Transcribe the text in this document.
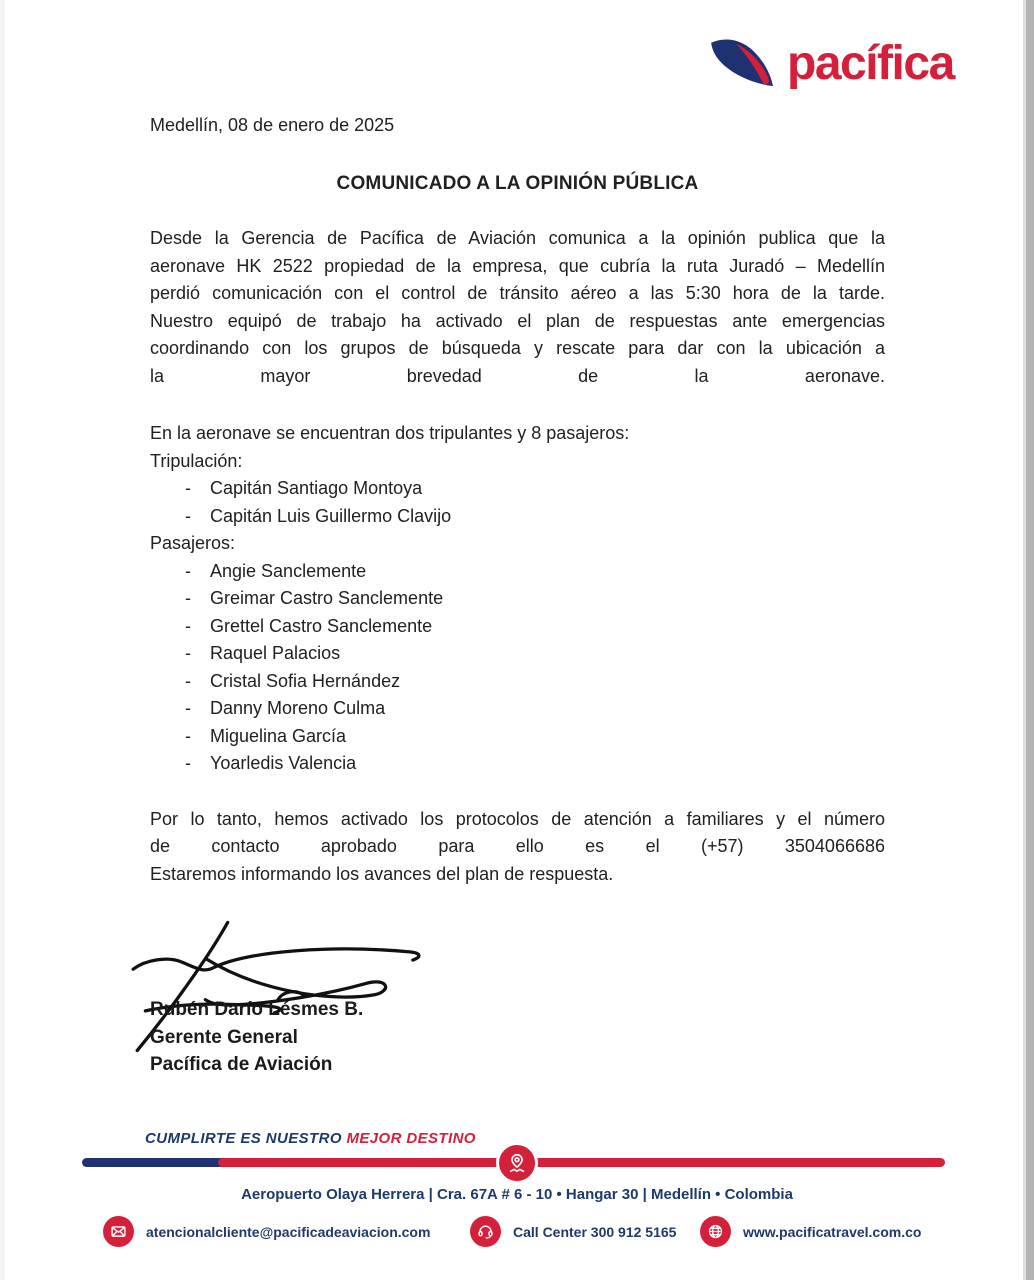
pacífica
Medellín, 08 de enero de 2025
COMUNICADO A LA OPINIÓN PÚBLICA
Desde la Gerencia de Pacífica de Aviación comunica a la opinión publica que la
aeronave HK 2522 propiedad de la empresa, que cubría la ruta Juradó – Medellín
perdió comunicación con el control de tránsito aéreo a las 5:30 hora de la tarde.
Nuestro equipó de trabajo ha activado el plan de respuestas ante emergencias
coordinando con los grupos de búsqueda y rescate para dar con la ubicación a
la mayor brevedad de la aeronave.
En la aeronave se encuentran dos tripulantes y 8 pasajeros:
Tripulación:
-	Capitán Santiago Montoya
-	Capitán Luis Guillermo Clavijo
Pasajeros:
-	Angie Sanclemente
-	Greimar Castro Sanclemente
-	Grettel Castro Sanclemente
-	Raquel Palacios
-	Cristal Sofia Hernández
-	Danny Moreno Culma
-	Miguelina García
-	Yoarledis Valencia
Por lo tanto, hemos activado los protocolos de atención a familiares y el número
de contacto aprobado para ello es el (+57) 3504066686
Estaremos informando los avances del plan de respuesta.
Rubén Darío Lésmes B.
Gerente General
Pacífica de Aviación
CUMPLIRTE ES NUESTRO MEJOR DESTINO
Aeropuerto Olaya Herrera | Cra. 67A # 6 - 10 • Hangar 30 | Medellín • Colombia
atencionalcliente@pacificadeaviacion.com	Call Center 300 912 5165	www.pacificatravel.com.co
